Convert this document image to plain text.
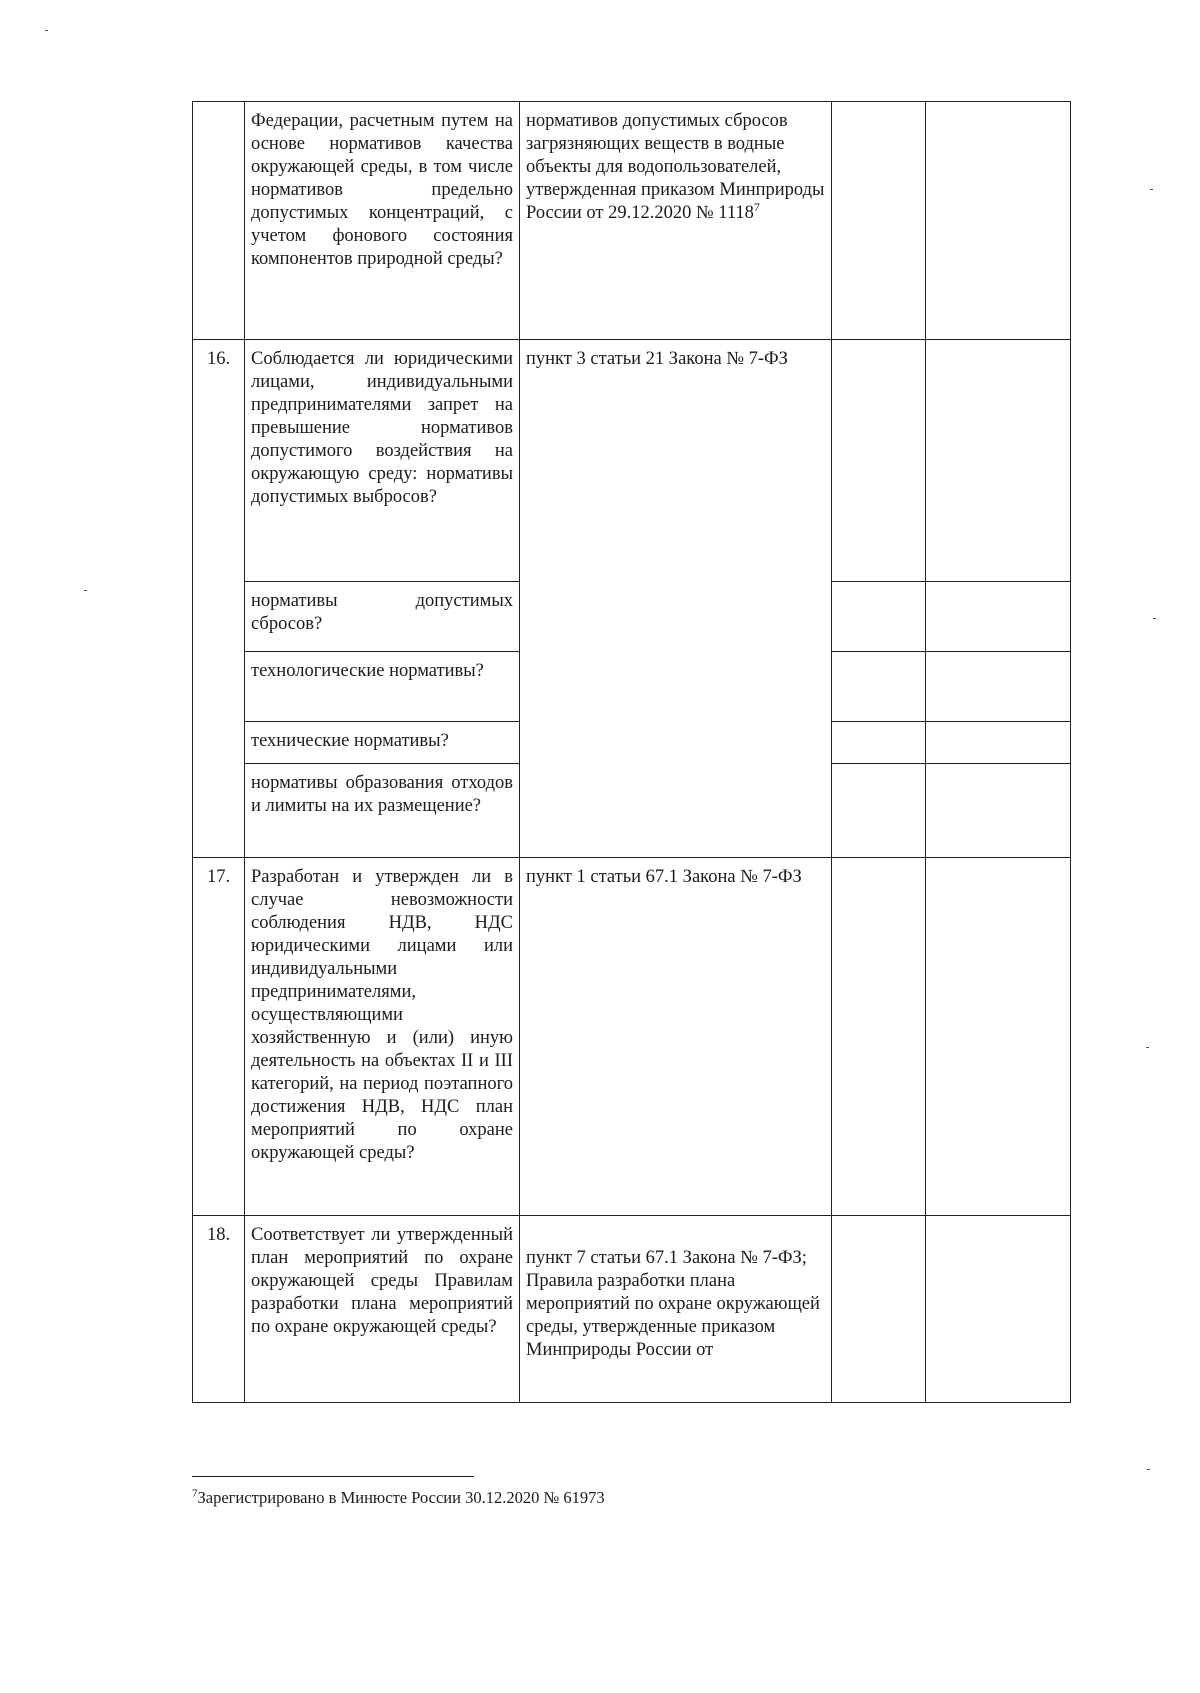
	Федерации, расчетным путем на основе нормативов качества окружающей среды, в том числе нормативов предельно допустимых концентраций, с учетом фонового состояния компонентов природной среды?	нормативов допустимых сбросов загрязняющих веществ в водные объекты для водопользователей, утвержденная приказом Минприроды России от 29.12.2020 № 1118$^7$		
16.	Соблюдается ли юридическими лицами, индивидуальными предпринимателями запрет на превышение нормативов допустимого воздействия на окружающую среду: нормативы допустимых выбросов?	пункт 3 статьи 21 Закона № 7-ФЗ		

	нормативы допустимых сбросов?			

	технологические нормативы?			

	технические нормативы?			

	нормативы образования отходов и лимиты на их размещение?			

17.	Разработан и утвержден ли в случае невозможности соблюдения НДВ, НДС юридическими лицами или индивидуальными предпринимателями, осуществляющими хозяйственную и (или) иную деятельность на объектах II и III категорий, на период поэтапного достижения НДВ, НДС план мероприятий по охране окружающей среды?	пункт 1 статьи 67.1 Закона № 7-ФЗ		
18.	Соответствует ли утвержденный план мероприятий по охране окружающей среды Правилам разработки плана мероприятий по охране окружающей среды?	пункт 7 статьи 67.1 Закона № 7-ФЗ;
Правила разработки плана мероприятий по охране окружающей среды, утвержденные приказом Минприроды России от

$^7$Зарегистрировано в Минюсте России 30.12.2020 № 61973
